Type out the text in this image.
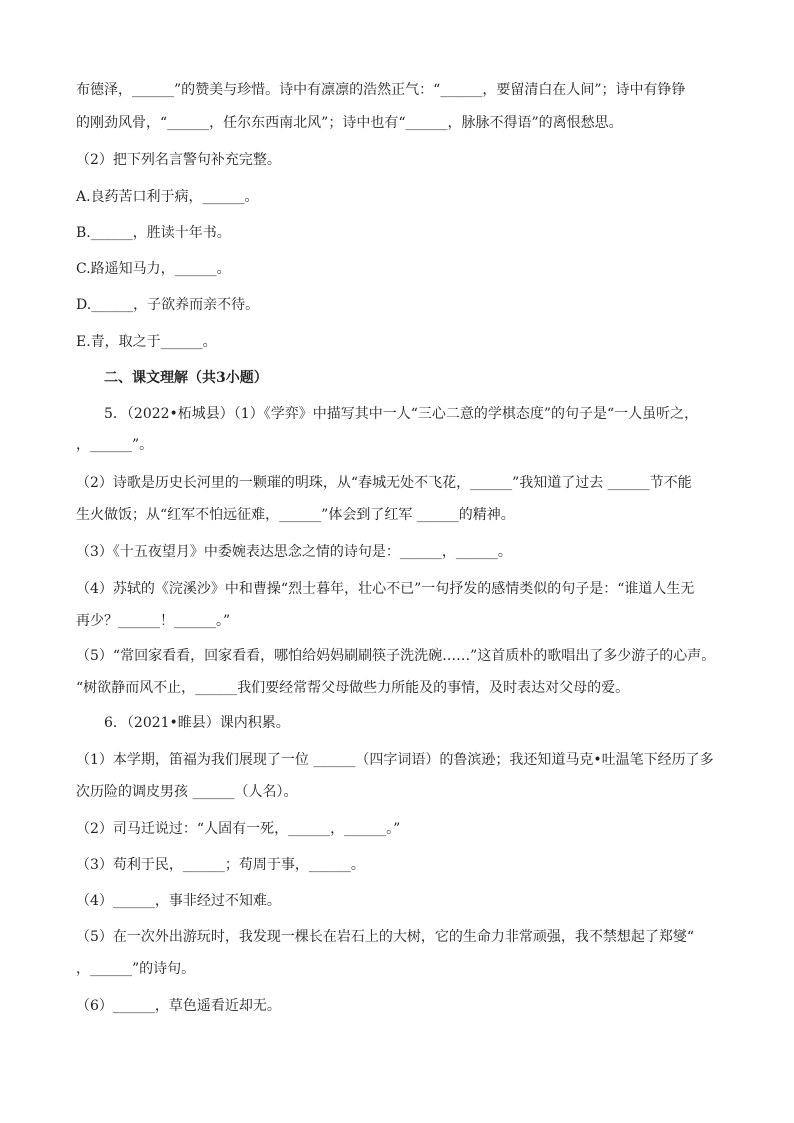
布德泽，______”的赞美与珍惜。诗中有凛凛的浩然正气：“______，要留清白在人间”；诗中有铮铮
的刚劲风骨，“______，任尔东西南北风”；诗中也有“______，脉脉不得语”的离恨愁思。
（2）把下列名言警句补充完整。
A.良药苦口利于病，______。
B.______，胜读十年书。
C.路遥知马力，______。
D.______，子欲养而亲不待。
E.青，取之于______。
二、课文理解（共3小题）
5．（2022•柘城县）（1）《学弈》中描写其中一人“三心二意的学棋态度”的句子是“一人虽听之，
，______”。
（2）诗歌是历史长河里的一颗璀的明珠，从“春城无处不飞花，______”我知道了过去 ______节不能
生火做饭；从“红军不怕远征难，______”体会到了红军 ______的精神。
（3）《十五夜望月》中委婉表达思念之情的诗句是：______，______。
（4）苏轼的《浣溪沙》中和曹操“烈士暮年，壮心不已”一句抒发的感情类似的句子是：“谁道人生无
再少？______！______。”
（5）“常回家看看，回家看看，哪怕给妈妈刷刷筷子洗洗碗……”这首质朴的歌唱出了多少游子的心声。
“树欲静而风不止，______我们要经常帮父母做些力所能及的事情，及时表达对父母的爱。
6．（2021•睢县）课内积累。
（1）本学期，笛福为我们展现了一位 ______（四字词语）的鲁滨逊；我还知道马克•吐温笔下经历了多
次历险的调皮男孩 ______（人名）。
（2）司马迁说过：“人固有一死，______，______。”
（3）苟利于民，______；苟周于事，______。
（4）______，事非经过不知难。
（5）在一次外出游玩时，我发现一棵长在岩石上的大树，它的生命力非常顽强，我不禁想起了郑燮“
，______”的诗句。
（6）______，草色遥看近却无。
